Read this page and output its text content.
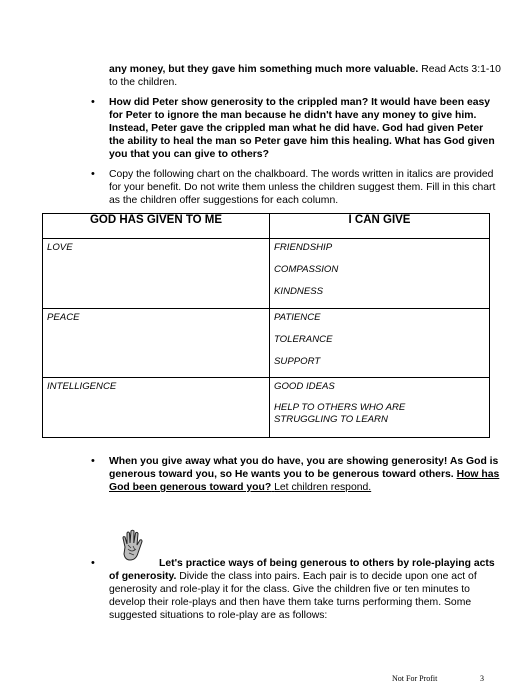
any money, but they gave him something much more valuable. Read Acts 3:1-10 to the children.
• How did Peter show generosity to the crippled man? It would have been easy for Peter to ignore the man because he didn't have any money to give him. Instead, Peter gave the crippled man what he did have. God had given Peter the ability to heal the man so Peter gave him this healing. What has God given you that you can give to others?
• Copy the following chart on the chalkboard. The words written in italics are provided for your benefit. Do not write them unless the children suggest them. Fill in this chart as the children offer suggestions for each column.
GOD HAS GIVEN TO ME	I CAN GIVE
LOVE	FRIENDSHIP
COMPASSION
KINDNESS

PEACE	PATIENCE
TOLERANCE
SUPPORT

INTELLIGENCE	GOOD IDEAS
HELP TO OTHERS WHO ARE STRUGGLING TO LEARN
• When you give away what you do have, you are showing generosity! As God is generous toward you, so He wants you to be generous toward others. How has God been generous toward you? Let children respond.
•	Let's practice ways of being generous to others by role-playing acts of generosity. Divide the class into pairs. Each pair is to decide upon one act of generosity and role-play it for the class. Give the children five or ten minutes to develop their role-plays and then have them take turns performing them. Some suggested situations to role-play are as follows:
Not For Profit	3
